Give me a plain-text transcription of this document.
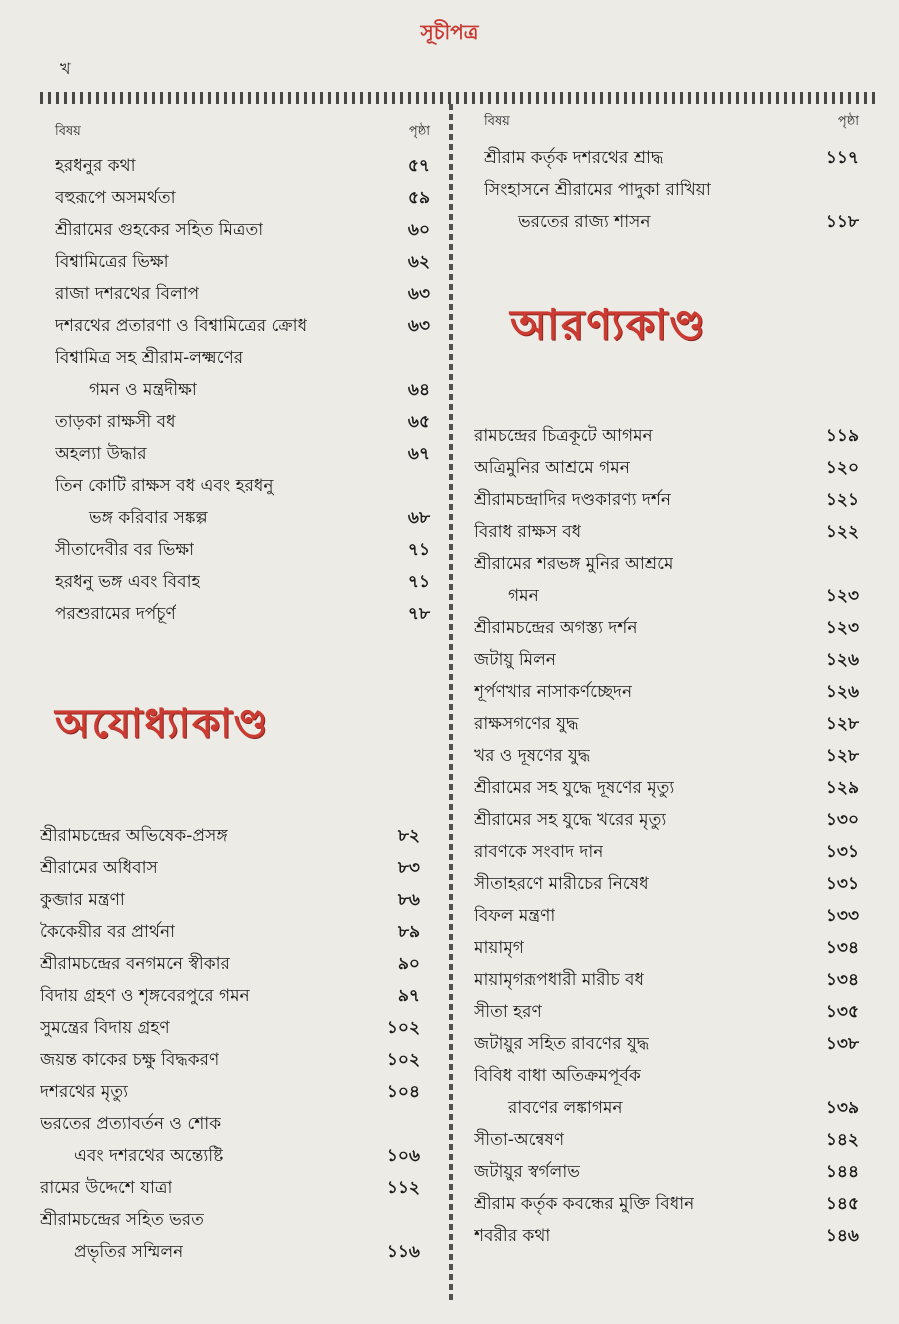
সূচীপত্র
খ
বিষয়	পৃষ্ঠা
বিষয়	পৃষ্ঠা
হরধনুর কথা	৫৭
বহুরূপে অসমর্থতা	৫৯
শ্রীরামের গুহকের সহিত মিত্রতা	৬০
বিশ্বামিত্রের ভিক্ষা	৬২
রাজা দশরথের বিলাপ	৬৩
দশরথের প্রতারণা ও বিশ্বামিত্রের ক্রোধ	৬৩
বিশ্বামিত্র সহ শ্রীরাম-লক্ষ্মণের
গমন ও মন্ত্রদীক্ষা	৬৪
তাড়কা রাক্ষসী বধ	৬৫
অহল্যা উদ্ধার	৬৭
তিন কোটি রাক্ষস বধ এবং হরধনু
ভঙ্গ করিবার সঙ্কল্প	৬৮
সীতাদেবীর বর ভিক্ষা	৭১
হরধনু ভঙ্গ এবং বিবাহ	৭১
পরশুরামের দর্পচূর্ণ	৭৮
অযোধ্যাকাণ্ড
শ্রীরামচন্দ্রের অভিষেক-প্রসঙ্গ	৮২
শ্রীরামের অধিবাস	৮৩
কুব্জার মন্ত্রণা	৮৬
কৈকেয়ীর বর প্রার্থনা	৮৯
শ্রীরামচন্দ্রের বনগমনে স্বীকার	৯০
বিদায় গ্রহণ ও শৃঙ্গবেরপুরে গমন	৯৭
সুমন্ত্রের বিদায় গ্রহণ	১০২
জয়ন্ত কাকের চক্ষু বিদ্ধকরণ	১০২
দশরথের মৃত্যু	১০৪
ভরতের প্রত্যাবর্তন ও শোক
এবং দশরথের অন্ত্যেষ্টি	১০৬
রামের উদ্দেশে যাত্রা	১১২
শ্রীরামচন্দ্রের সহিত ভরত
প্রভৃতির সম্মিলন	১১৬
শ্রীরাম কর্তৃক দশরথের শ্রাদ্ধ	১১৭
সিংহাসনে শ্রীরামের পাদুকা রাখিয়া
ভরতের রাজ্য শাসন	১১৮
আরণ্যকাণ্ড
রামচন্দ্রের চিত্রকূটে আগমন	১১৯
অত্রিমুনির আশ্রমে গমন	১২০
শ্রীরামচন্দ্রাদির দণ্ডকারণ্য দর্শন	১২১
বিরাধ রাক্ষস বধ	১২২
শ্রীরামের শরভঙ্গ মুনির আশ্রমে
গমন	১২৩
শ্রীরামচন্দ্রের অগস্ত্য দর্শন	১২৩
জটায়ু মিলন	১২৬
শূর্পণখার নাসাকর্ণচ্ছেদন	১২৬
রাক্ষসগণের যুদ্ধ	১২৮
খর ও দূষণের যুদ্ধ	১২৮
শ্রীরামের সহ যুদ্ধে দূষণের মৃত্যু	১২৯
শ্রীরামের সহ যুদ্ধে খরের মৃত্যু	১৩০
রাবণকে সংবাদ দান	১৩১
সীতাহরণে মারীচের নিষেধ	১৩১
বিফল মন্ত্রণা	১৩৩
মায়ামৃগ	১৩৪
মায়ামৃগরূপধারী মারীচ বধ	১৩৪
সীতা হরণ	১৩৫
জটায়ুর সহিত রাবণের যুদ্ধ	১৩৮
বিবিধ বাধা অতিক্রমপূর্বক
রাবণের লঙ্কাগমন	১৩৯
সীতা-অন্বেষণ	১৪২
জটায়ুর স্বর্গলাভ	১৪৪
শ্রীরাম কর্তৃক কবন্ধের মুক্তি বিধান	১৪৫
শবরীর কথা	১৪৬
